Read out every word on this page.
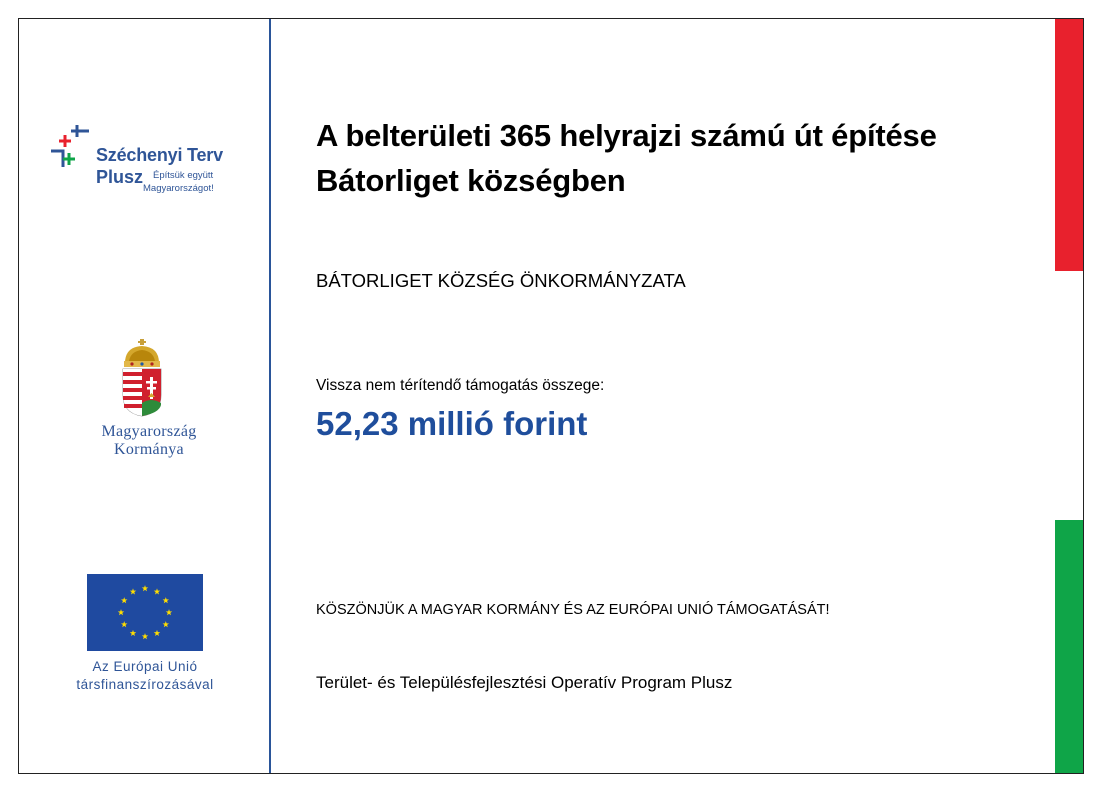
Széchenyi Terv
Plusz Építsük együtt
Magyarországot!
Magyarország
Kormánya
Az Európai Unió
társfinanszírozásával
A belterületi 365 helyrajzi számú út építése Bátorliget községben
BÁTORLIGET KÖZSÉG ÖNKORMÁNYZATA
Vissza nem térítendő támogatás összege:
52,23 millió forint
KÖSZÖNJÜK A MAGYAR KORMÁNY ÉS AZ EURÓPAI UNIÓ TÁMOGATÁSÁT!
Terület- és Településfejlesztési Operatív Program Plusz
